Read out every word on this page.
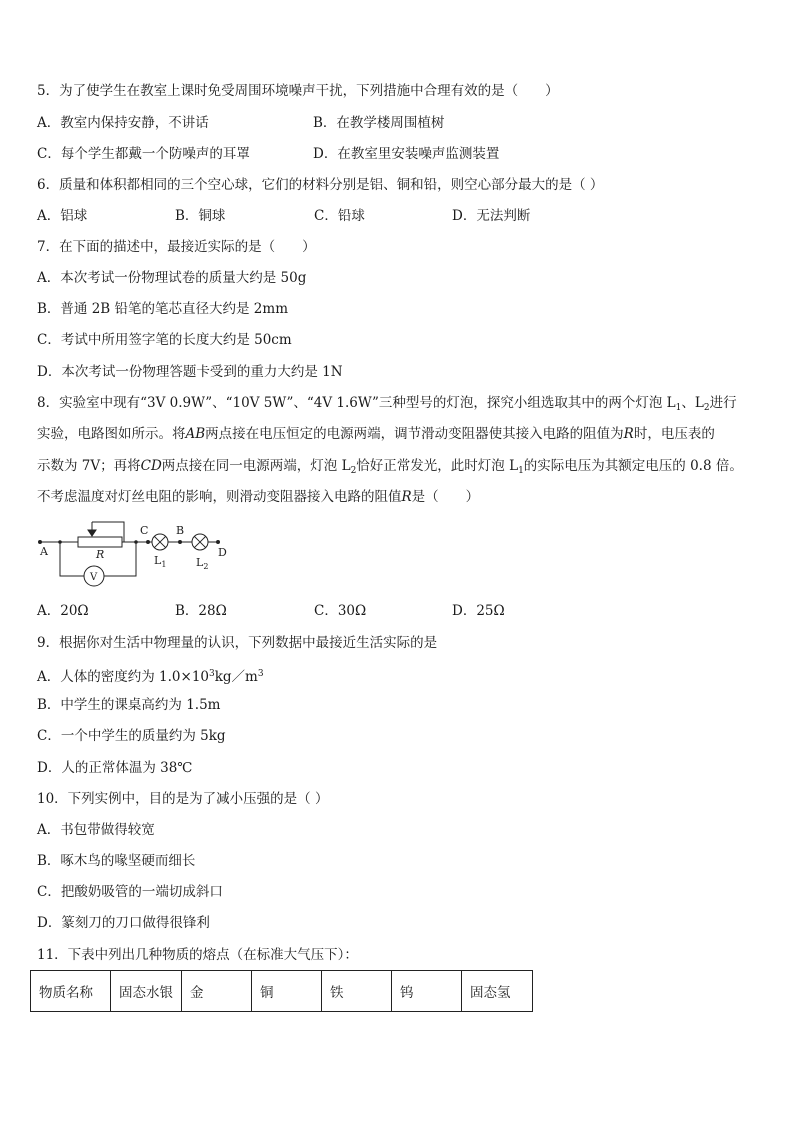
5．为了使学生在教室上课时免受周围环境噪声干扰，下列措施中合理有效的是（　　）
A．教室内保持安静，不讲话	B．在教学楼周围植树
C．每个学生都戴一个防噪声的耳罩	D．在教室里安装噪声监测装置
6．质量和体积都相同的三个空心球，它们的材料分别是铝、铜和铅，则空心部分最大的是（ ）
A．铝球	B．铜球	C．铅球	D．无法判断
7．在下面的描述中，最接近实际的是（　　）
A．本次考试一份物理试卷的质量大约是 50g
B．普通 2B 铅笔的笔芯直径大约是 2mm
C．考试中所用签字笔的长度大约是 50cm
D．本次考试一份物理答题卡受到的重力大约是 1N
8．实验室中现有“3V 0.9W”、“10V 5W”、“4V 1.6W”三种型号的灯泡，探究小组选取其中的两个灯泡 $L_1$、$L_2$进行
实验，电路图如所示。将AB两点接在电压恒定的电源两端，调节滑动变阻器使其接入电路的阻值为R时，电压表的
示数为 7V；再将CD两点接在同一电源两端，灯泡 $L_2$恰好正常发光，此时灯泡 $L_1$的实际电压为其额定电压的 0.8 倍。
不考虑温度对灯丝电阻的影响，则滑动变阻器接入电路的阻值R是（　　）
A	R
C	B
D
$L_1$	$L_2$
V
A．20Ω	B．28Ω	C．30Ω	D．25Ω
9．根据你对生活中物理量的认识，下列数据中最接近生活实际的是
A．人体的密度约为 $1.0\times 10^3kg/m^3$
B．中学生的课桌高约为 1.5m
C．一个中学生的质量约为 5kg
D．人的正常体温为 38℃
10．下列实例中，目的是为了减小压强的是（ ）
A．书包带做得较宽
B．啄木鸟的喙坚硬而细长
C．把酸奶吸管的一端切成斜口
D．篆刻刀的刀口做得很锋利
11．下表中列出几种物质的熔点（在标准大气压下）：
物质名称	固态水银	金	铜	铁	钨	固态氢
